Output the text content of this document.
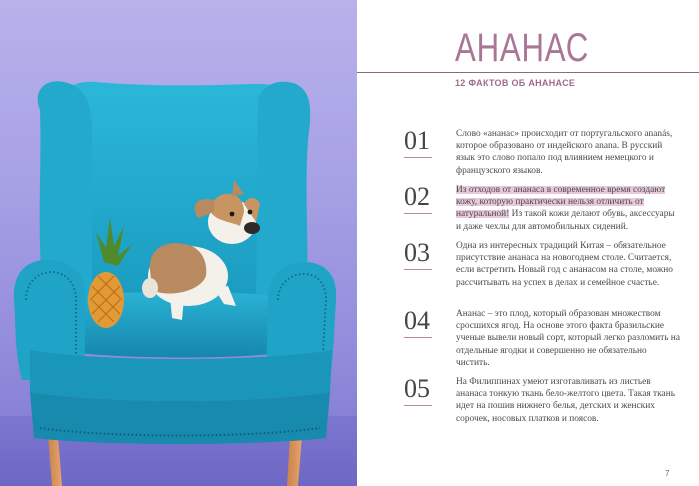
АНАНАС
12 ФАКТОВ ОБ АНАНАСЕ
01	Слово «ананас» происходит от португальского ananás, которое образовано от индейского anana. В русский язык это слово попало под влиянием немецкого и французского языков.
02	Из отходов от ананаса в современное время создают кожу, которую практически нельзя отличить от натуральной! Из такой кожи делают обувь, аксессуары и даже чехлы для автомобильных сидений.
03	Одна из интересных традиций Китая – обязательное присутствие ананаса на новогоднем столе. Считается, если встретить Новый год с ананасом на столе, можно рассчитывать на успех в делах и семейное счастье.
04	Ананас – это плод, который образован множеством сросшихся ягод. На основе этого факта бразильские ученые вывели новый сорт, который легко разломить на отдельные ягодки и совершенно не обязательно чистить.
05	На Филиппинах умеют изготавливать из листьев ананаса тонкую ткань бело-желтого цвета. Такая ткань идет на пошив нижнего белья, детских и женских сорочек, носовых платков и поясов.
7
